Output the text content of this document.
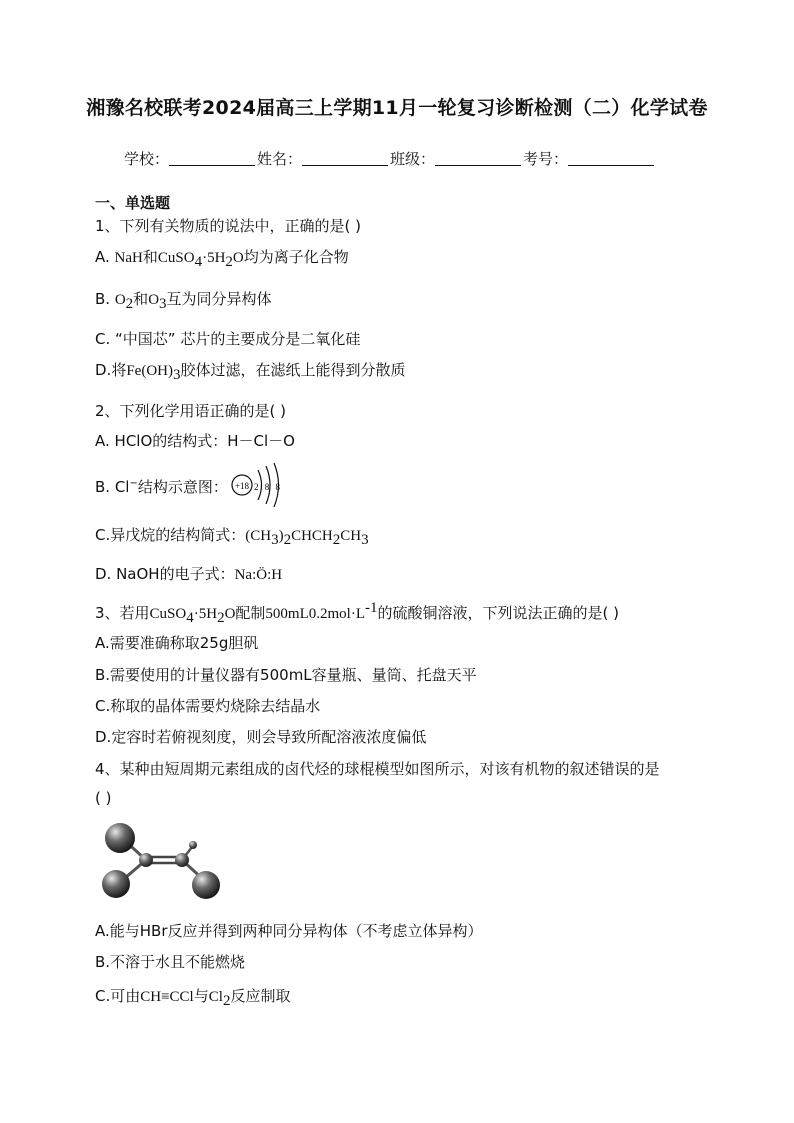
湘豫名校联考2024届高三上学期11月一轮复习诊断检测（二）化学试卷
学校：	姓名：	班级：	考号：
一、单选题
1、下列有关物质的说法中，正确的是( )
A. NaH和$CuSO_4\cdot 5H_2O$均为离子化合物
B. $O_2$和$O_3$互为同分异构体
C. “中国芯” 芯片的主要成分是二氧化硅
D.将$Fe(OH)_3$胶体过滤，在滤纸上能得到分散质
2、下列化学用语正确的是( )
A. HClO的结构式：H－Cl－O
B. Cl−结构示意图： +18 2 8 8
C.异戊烷的结构简式：$(CH_3)_2CHCH_2CH_3$
D. NaOH的电子式：Na:Ö:H
3、若用$CuSO_4\cdot 5H_2O$配制$500mL0.2mol\cdot L^{-1}$的硫酸铜溶液，下列说法正确的是( )
A.需要准确称取25g胆矾
B.需要使用的计量仪器有500mL容量瓶、量筒、托盘天平
C.称取的晶体需要灼烧除去结晶水
D.定容时若俯视刻度，则会导致所配溶液浓度偏低
4、某种由短周期元素组成的卤代烃的球棍模型如图所示，对该有机物的叙述错误的是
( )
A.能与HBr反应并得到两种同分异构体（不考虑立体异构）
B.不溶于水且不能燃烧
C.可由CH≡CCl与$Cl_2$反应制取
